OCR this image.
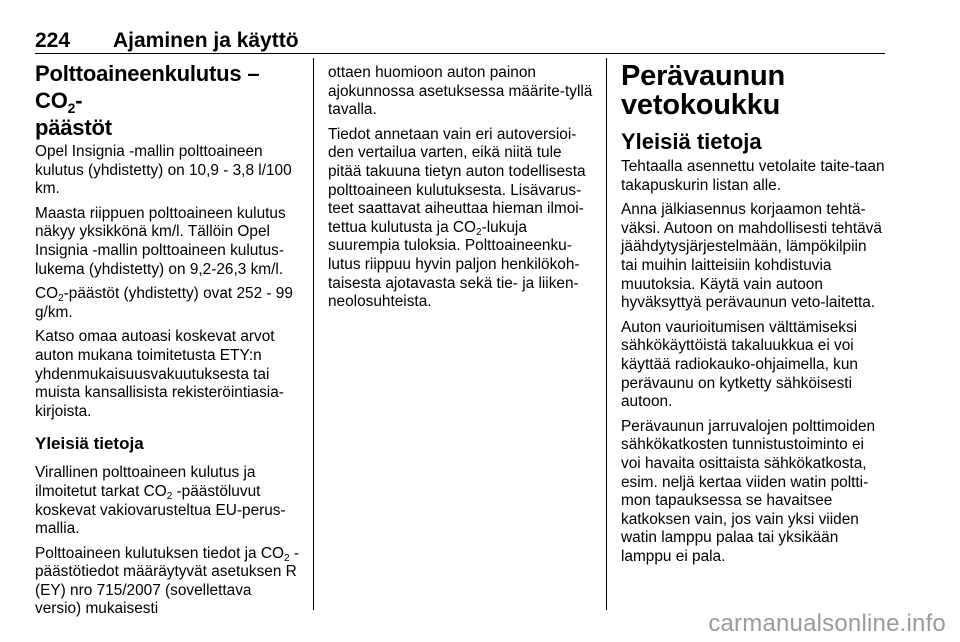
224 Ajaminen ja käyttö
Polttoaineenkulutus – $CO_2-$
päästöt

Opel Insignia -mallin polttoaineen kulutus (yhdistetty) on 10,9 - 3,8 l/100 km.

Maasta riippuen polttoaineen kulutus näkyy yksikkönä km/l. Tällöin Opel Insignia -mallin polttoaineen kulutus-lukema (yhdistetty) on 9,2-26,3 km/l.

$CO_2$-päästöt (yhdistetty) ovat 252 - 99 g/km.

Katso omaa autoasi koskevat arvot auton mukana toimitetusta ETY:n yhdenmukaisuusvakuutuksesta tai muista kansallisista rekisteröintiasia-kirjoista.

Yleisiä tietoja

Virallinen polttoaineen kulutus ja ilmoitetut tarkat $CO_2$ -päästöluvut koskevat vakiovarusteltua EU-perus-mallia.

Polttoaineen kulutuksen tiedot ja $CO_2$ -päästötiedot määräytyvät asetuksen R (EY) nro 715/2007 (sovellettava versio) mukaisesti

ottaen huomioon auton painon ajokunnossa asetuksessa määrite-tyllä tavalla.

Tiedot annetaan vain eri autoversioi-den vertailua varten, eikä niitä tule pitää takuuna tietyn auton todellisesta polttoaineen kulutuksesta. Lisävarus-teet saattavat aiheuttaa hieman ilmoi-tettua kulutusta ja $CO_2$-lukuja suurempia tuloksia. Polttoaineenku-lutus riippuu hyvin paljon henkilökoh-taisesta ajotavasta sekä tie- ja liiken-neolosuhteista.

Perävaunun vetokoukku
Yleisiä tietoja

Tehtaalla asennettu vetolaite taite-taan takapuskurin listan alle.

Anna jälkiasennus korjaamon tehtä-väksi. Autoon on mahdollisesti tehtävä jäähdytysjärjestelmään, lämpökilpiin tai muihin laitteisiin kohdistuvia muutoksia. Käytä vain autoon hyväksyttyä perävaunun veto-laitetta.

Auton vaurioitumisen välttämiseksi sähkökäyttöistä takaluukkua ei voi käyttää radiokauko-ohjaimella, kun perävaunu on kytketty sähköisesti autoon.

Perävaunun jarruvalojen polttimoiden sähkökatkosten tunnistustoiminto ei voi havaita osittaista sähkökatkosta, esim. neljä kertaa viiden watin poltti-mon tapauksessa se havaitsee katkoksen vain, jos vain yksi viiden watin lamppu palaa tai yksikään lamppu ei pala.

carmanualsonline.info
